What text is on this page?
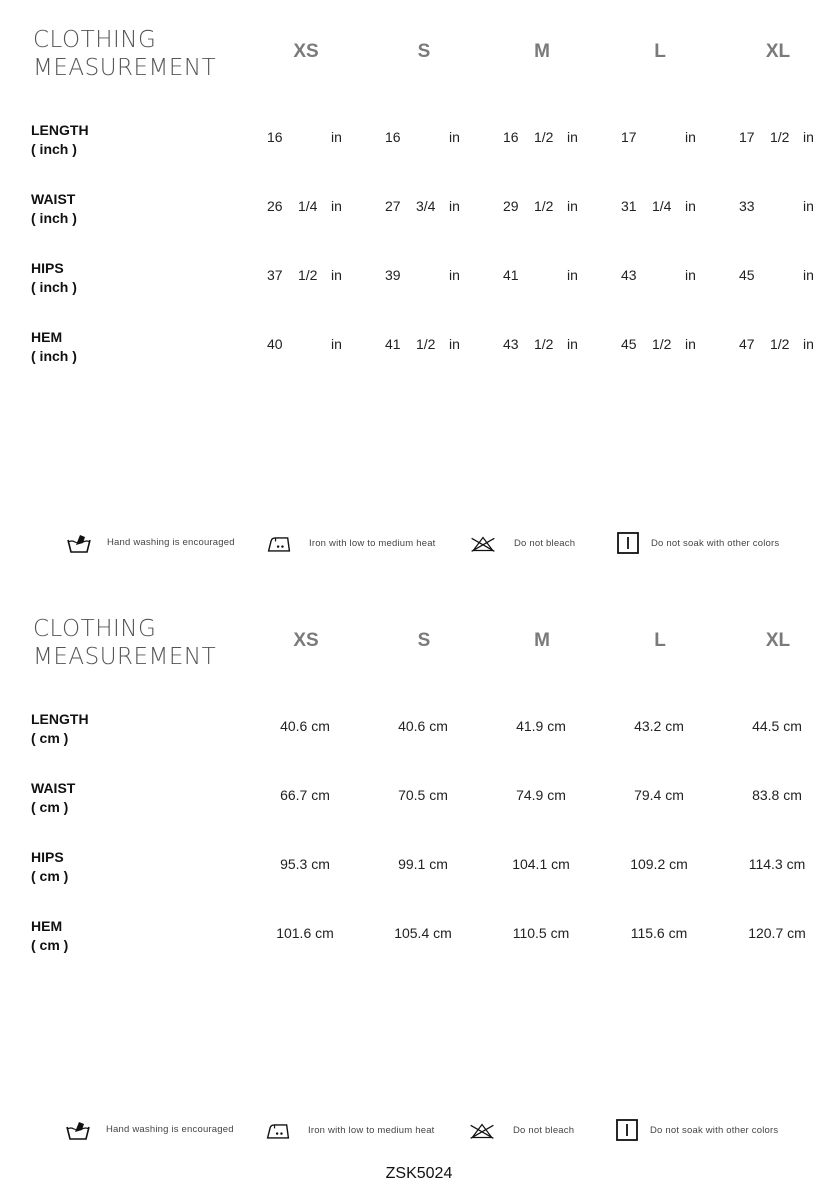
CLOTHING
MEASUREMENT
XS	S	M	L	XL
LENGTH
( inch )
16	in	16	in	16 1/2 in	17	in	17 1/2 in
WAIST
( inch )
26 1/4 in	27 3/4 in	29 1/2 in	31 1/4 in	33	in
HIPS
( inch )
37 1/2 in	39	in	41	in	43	in	45	in
HEM
( inch )
40	in	41 1/2 in	43 1/2 in	45 1/2 in	47 1/2 in
Hand washing is encouraged	Iron with low to medium heat	Do not bleach	Do not soak with other colors
CLOTHING
MEASUREMENT
XS	S	M	L	XL
LENGTH
( cm )
40.6 cm	40.6 cm	41.9 cm	43.2 cm	44.5 cm
WAIST
( cm )
66.7 cm	70.5 cm	74.9 cm	79.4 cm	83.8 cm
HIPS
( cm )
95.3 cm	99.1 cm	104.1 cm	109.2 cm	114.3 cm
HEM
( cm )
101.6 cm	105.4 cm	110.5 cm	115.6 cm	120.7 cm
Hand washing is encouraged	Iron with low to medium heat	Do not bleach	Do not soak with other colors
ZSK5024
